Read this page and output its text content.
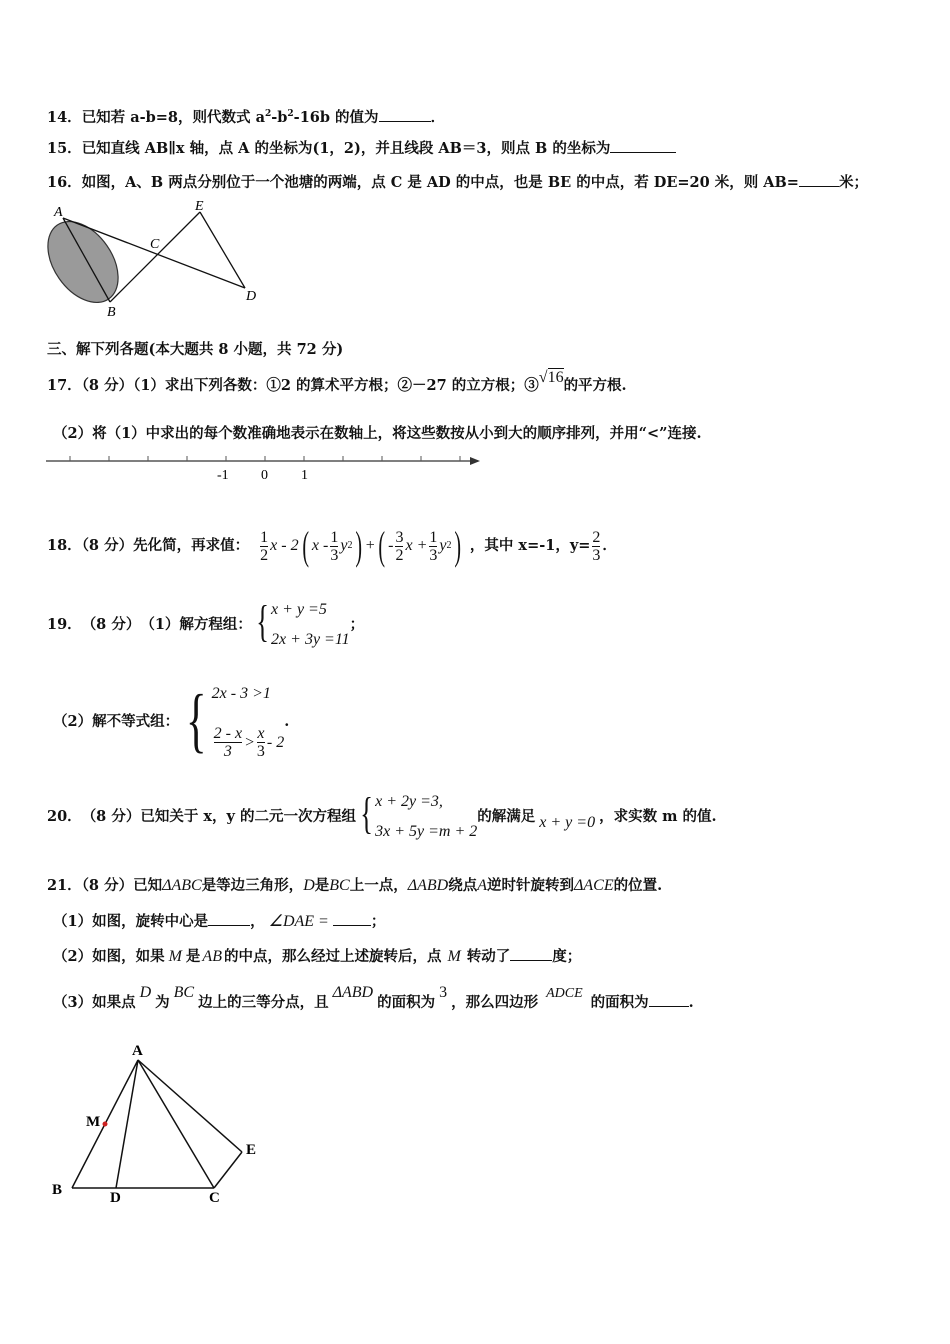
14．已知若 a-b=8，则代数式 $a^2-b^2-16b$ 的值为	．
15．已知直线 AB∥x 轴，点 A 的坐标为(1，2)，并且线段 AB＝3，则点 B 的坐标为
16．如图，A、B 两点分别位于一个池塘的两端，点 C 是 AD 的中点，也是 BE 的中点，若 DE=20 米，则 AB=	米；
A
B
C
D
E
三、解下列各题(本大题共 8 小题，共 72 分)
17．（8 分）（1）求出下列各数：①2 的算术平方根；②－27 的立方根；③√16的平方根.
（2）将（1）中求出的每个数准确地表示在数轴上，将这些数按从小到大的顺序排列，并用“<”连接.
-1 0 1
18．（8 分）先化简，再求值： $\frac{1}{2}$ x - 2 ( x - $\frac{1}{3}$ y 2 ) + ( - $\frac{3}{2}$ $x + \frac{1}{3}$ y 2 ) ，其中 x=-1，$y= \frac{2}{3}$ ．
19． （8 分） （1）解方程组： { x + y =5
2x + 3y =11
；
（2）解不等式组： { 2x - 3 >1
$\frac{2 - x}{3} > \frac{x}{3} - 2$
.
20． （8 分） 已知关于 x，y 的二元一次方程组 { x + 2y =3,
3x + 5y =m + 2
的解满足 x + y =0 ，求实数 m 的值.
21．（8 分）已知ΔABC是等边三角形，D是BC上一点，ΔABD绕点A逆时针旋转到ΔACE的位置.
（1）如图，旋转中心是	， ∠DAE =	；
（2）如图，如果 M 是 AB 的中点，那么经过上述旋转后，点 M 转动了	度；
（3）如果点D为BC边上的三等分点，且ΔABD的面积为3，那么四边形ADCE的面积为	.
A
B	C
D
E
M
